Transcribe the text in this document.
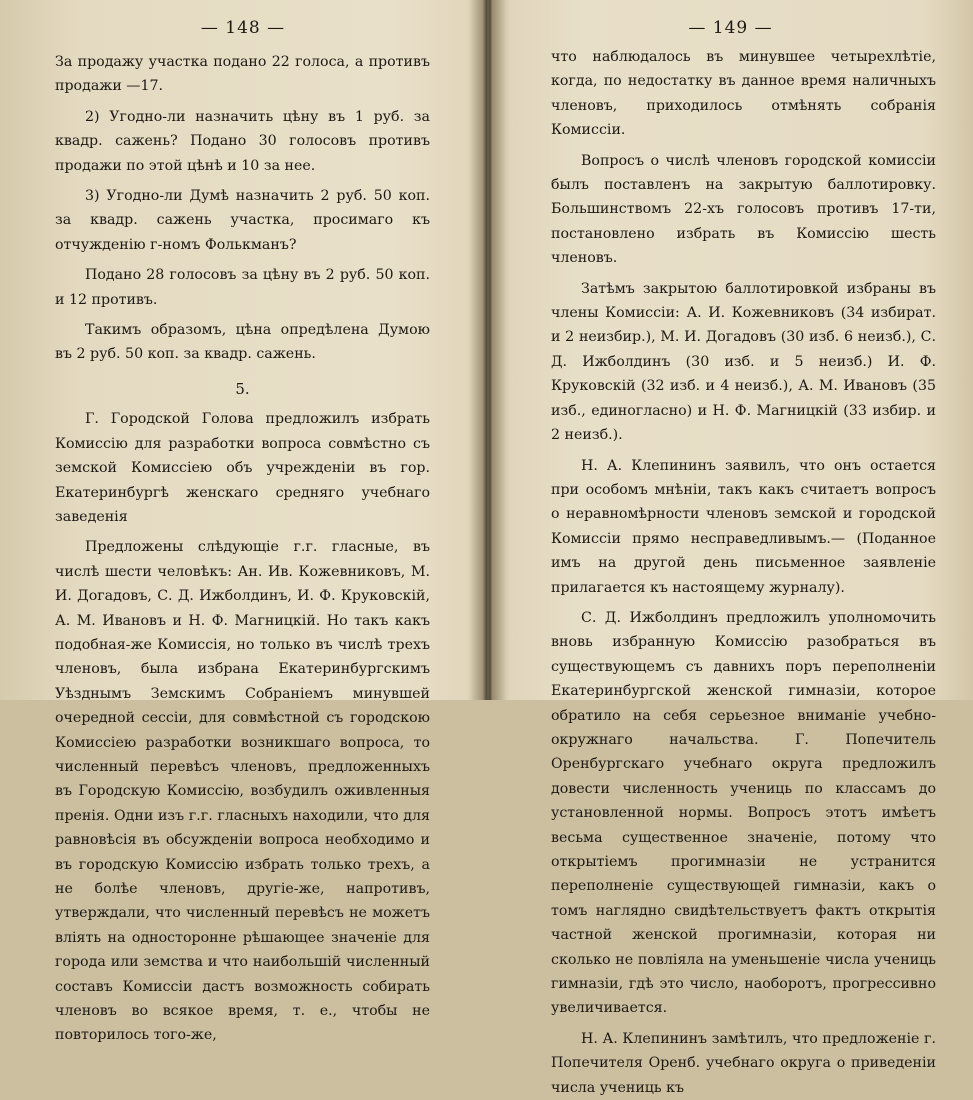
— 148 —

За продажу участка подано 22 голоса, а противъ продажи —17.

2) Угодно-ли назначить цѣну въ 1 руб. за квадр. сажень? Подано 30 голосовъ противъ продажи по этой цѣнѣ и 10 за нее.

3) Угодно-ли Думѣ назначить 2 руб. 50 коп. за квадр. сажень участка, просимаго къ отчужденію г-номъ Фолькманъ?

Подано 28 голосовъ за цѣну въ 2 руб. 50 коп. и 12 противъ.

Такимъ образомъ, цѣна опредѣлена Думою въ 2 руб. 50 коп. за квадр. сажень.

5.

Г. Городской Голова предложилъ избрать Комиссію для разработки вопроса совмѣстно съ земской Комиссіею объ учрежденіи въ гор. Екатеринбургѣ женскаго средняго учебнаго заведенія

Предложены слѣдующіе г.г. гласные, въ числѣ шести человѣкъ: Ан. Ив. Кожевниковъ, М. И. Догадовъ, С. Д. Ижболдинъ, И. Ф. Круковскій, А. М. Ивановъ и Н. Ф. Магницкій. Но такъ какъ подобная-же Комиссія, но только въ числѣ трехъ членовъ, была избрана Екатеринбургскимъ Уѣзднымъ Земскимъ Собраніемъ минувшей очередной сессіи, для совмѣстной съ городскою Комиссіею разработки возникшаго вопроса, то численный перевѣсъ членовъ, предложенныхъ въ Городскую Комиссію, возбудилъ оживленныя пренія. Одни изъ г.г. гласныхъ находили, что для равновѣсія въ обсужденіи вопроса необходимо и въ городскую Комиссію избрать только трехъ, а не болѣе членовъ, другіе-же, напротивъ, утверждали, что численный перевѣсъ не можетъ вліять на односторонне рѣшающее значеніе для города или земства и что наибольшій численный составъ Комиссіи дастъ возможность собирать членовъ во всякое время, т. е., чтобы не повторилось того-же,

— 149 —

что наблюдалось въ минувшее четырехлѣтіе, когда, по недостатку въ данное время наличныхъ членовъ, приходилось отмѣнять собранія Комиссіи.

Вопросъ о числѣ членовъ городской комиссіи былъ поставленъ на закрытую баллотировку. Большинствомъ 22-хъ голосовъ противъ 17-ти, постановлено избрать въ Комиссію шесть членовъ.

Затѣмъ закрытою баллотировкой избраны въ члены Комиссіи: А. И. Кожевниковъ (34 избират. и 2 неизбир.), М. И. Догадовъ (30 изб. 6 неизб.), С. Д. Ижболдинъ (30 изб. и 5 неизб.) И. Ф. Круковскій (32 изб. и 4 неизб.), А. М. Ивановъ (35 изб., единогласно) и Н. Ф. Магницкій (33 избир. и 2 неизб.).

Н. А. Клепининъ заявилъ, что онъ остается при особомъ мнѣніи, такъ какъ считаетъ вопросъ о неравномѣрности членовъ земской и городской Комиссіи прямо несправедливымъ.— (Поданное имъ на другой день письменное заявленіе прилагается къ настоящему журналу).

С. Д. Ижболдинъ предложилъ уполномочить вновь избранную Комиссію разобраться въ существующемъ съ давнихъ поръ переполненіи Екатеринбургской женской гимназіи, которое обратило на себя серьезное вниманіе учебно-окружнаго начальства. Г. Попечитель Оренбургскаго учебнаго округа предложилъ довести численность учениць по классамъ до установленной нормы. Вопросъ этотъ имѣетъ весьма существенное значеніе, потому что открытіемъ прогимназіи не устранится переполненіе существующей гимназіи, какъ о томъ наглядно свидѣтельствуетъ фактъ открытія частной женской прогимназіи, которая ни сколько не повліяла на уменьшеніе числа учениць гимназіи, гдѣ это число, наоборотъ, прогрессивно увеличивается.

Н. А. Клепининъ замѣтилъ, что предложеніе г. Попечителя Оренб. учебнаго округа о приведеніи числа учениць къ
